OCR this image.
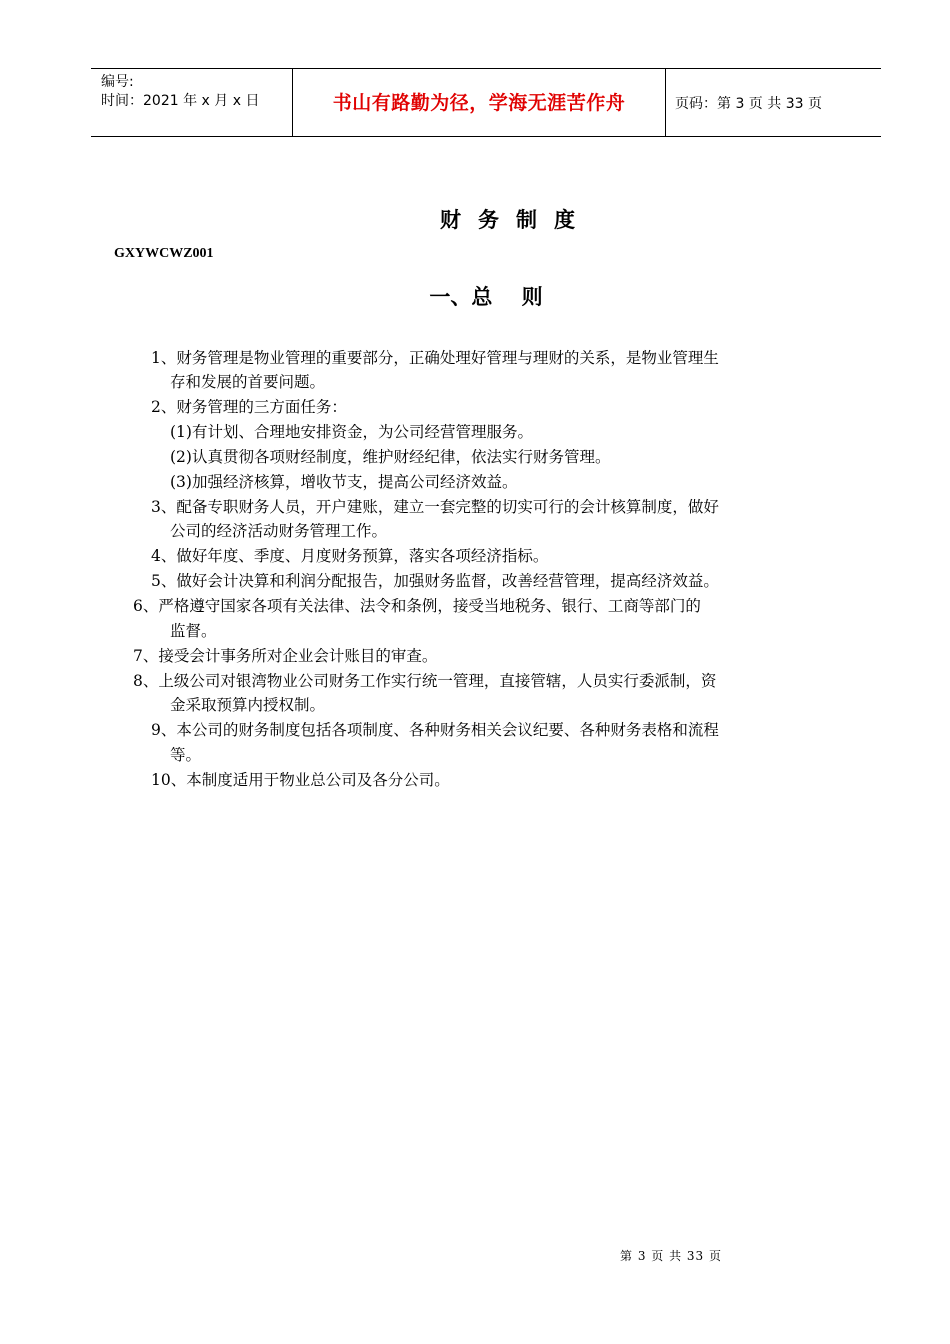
编号:
时间：2021 年 x 月 x 日	书山有路勤为径，学海无涯苦作舟	页码：第 3 页 共 33 页
财务制度
GXYWCWZ001
一、总    则
1、财务管理是物业管理的重要部分，正确处理好管理与理财的关系，是物业管理生
存和发展的首要问题。
2、财务管理的三方面任务：
(1)有计划、合理地安排资金，为公司经营管理服务。
(2)认真贯彻各项财经制度，维护财经纪律，依法实行财务管理。
(3)加强经济核算，增收节支，提高公司经济效益。
3、配备专职财务人员，开户建账，建立一套完整的切实可行的会计核算制度，做好
公司的经济活动财务管理工作。
4、做好年度、季度、月度财务预算，落实各项经济指标。
5、做好会计决算和利润分配报告，加强财务监督，改善经营管理，提高经济效益。
6、严格遵守国家各项有关法律、法令和条例，接受当地税务、银行、工商等部门的
监督。
7、接受会计事务所对企业会计账目的审查。
8、上级公司对银湾物业公司财务工作实行统一管理，直接管辖，人员实行委派制，资
金采取预算内授权制。
9、本公司的财务制度包括各项制度、各种财务相关会议纪要、各种财务表格和流程
等。
10、本制度适用于物业总公司及各分公司。
第 3 页 共 33 页
